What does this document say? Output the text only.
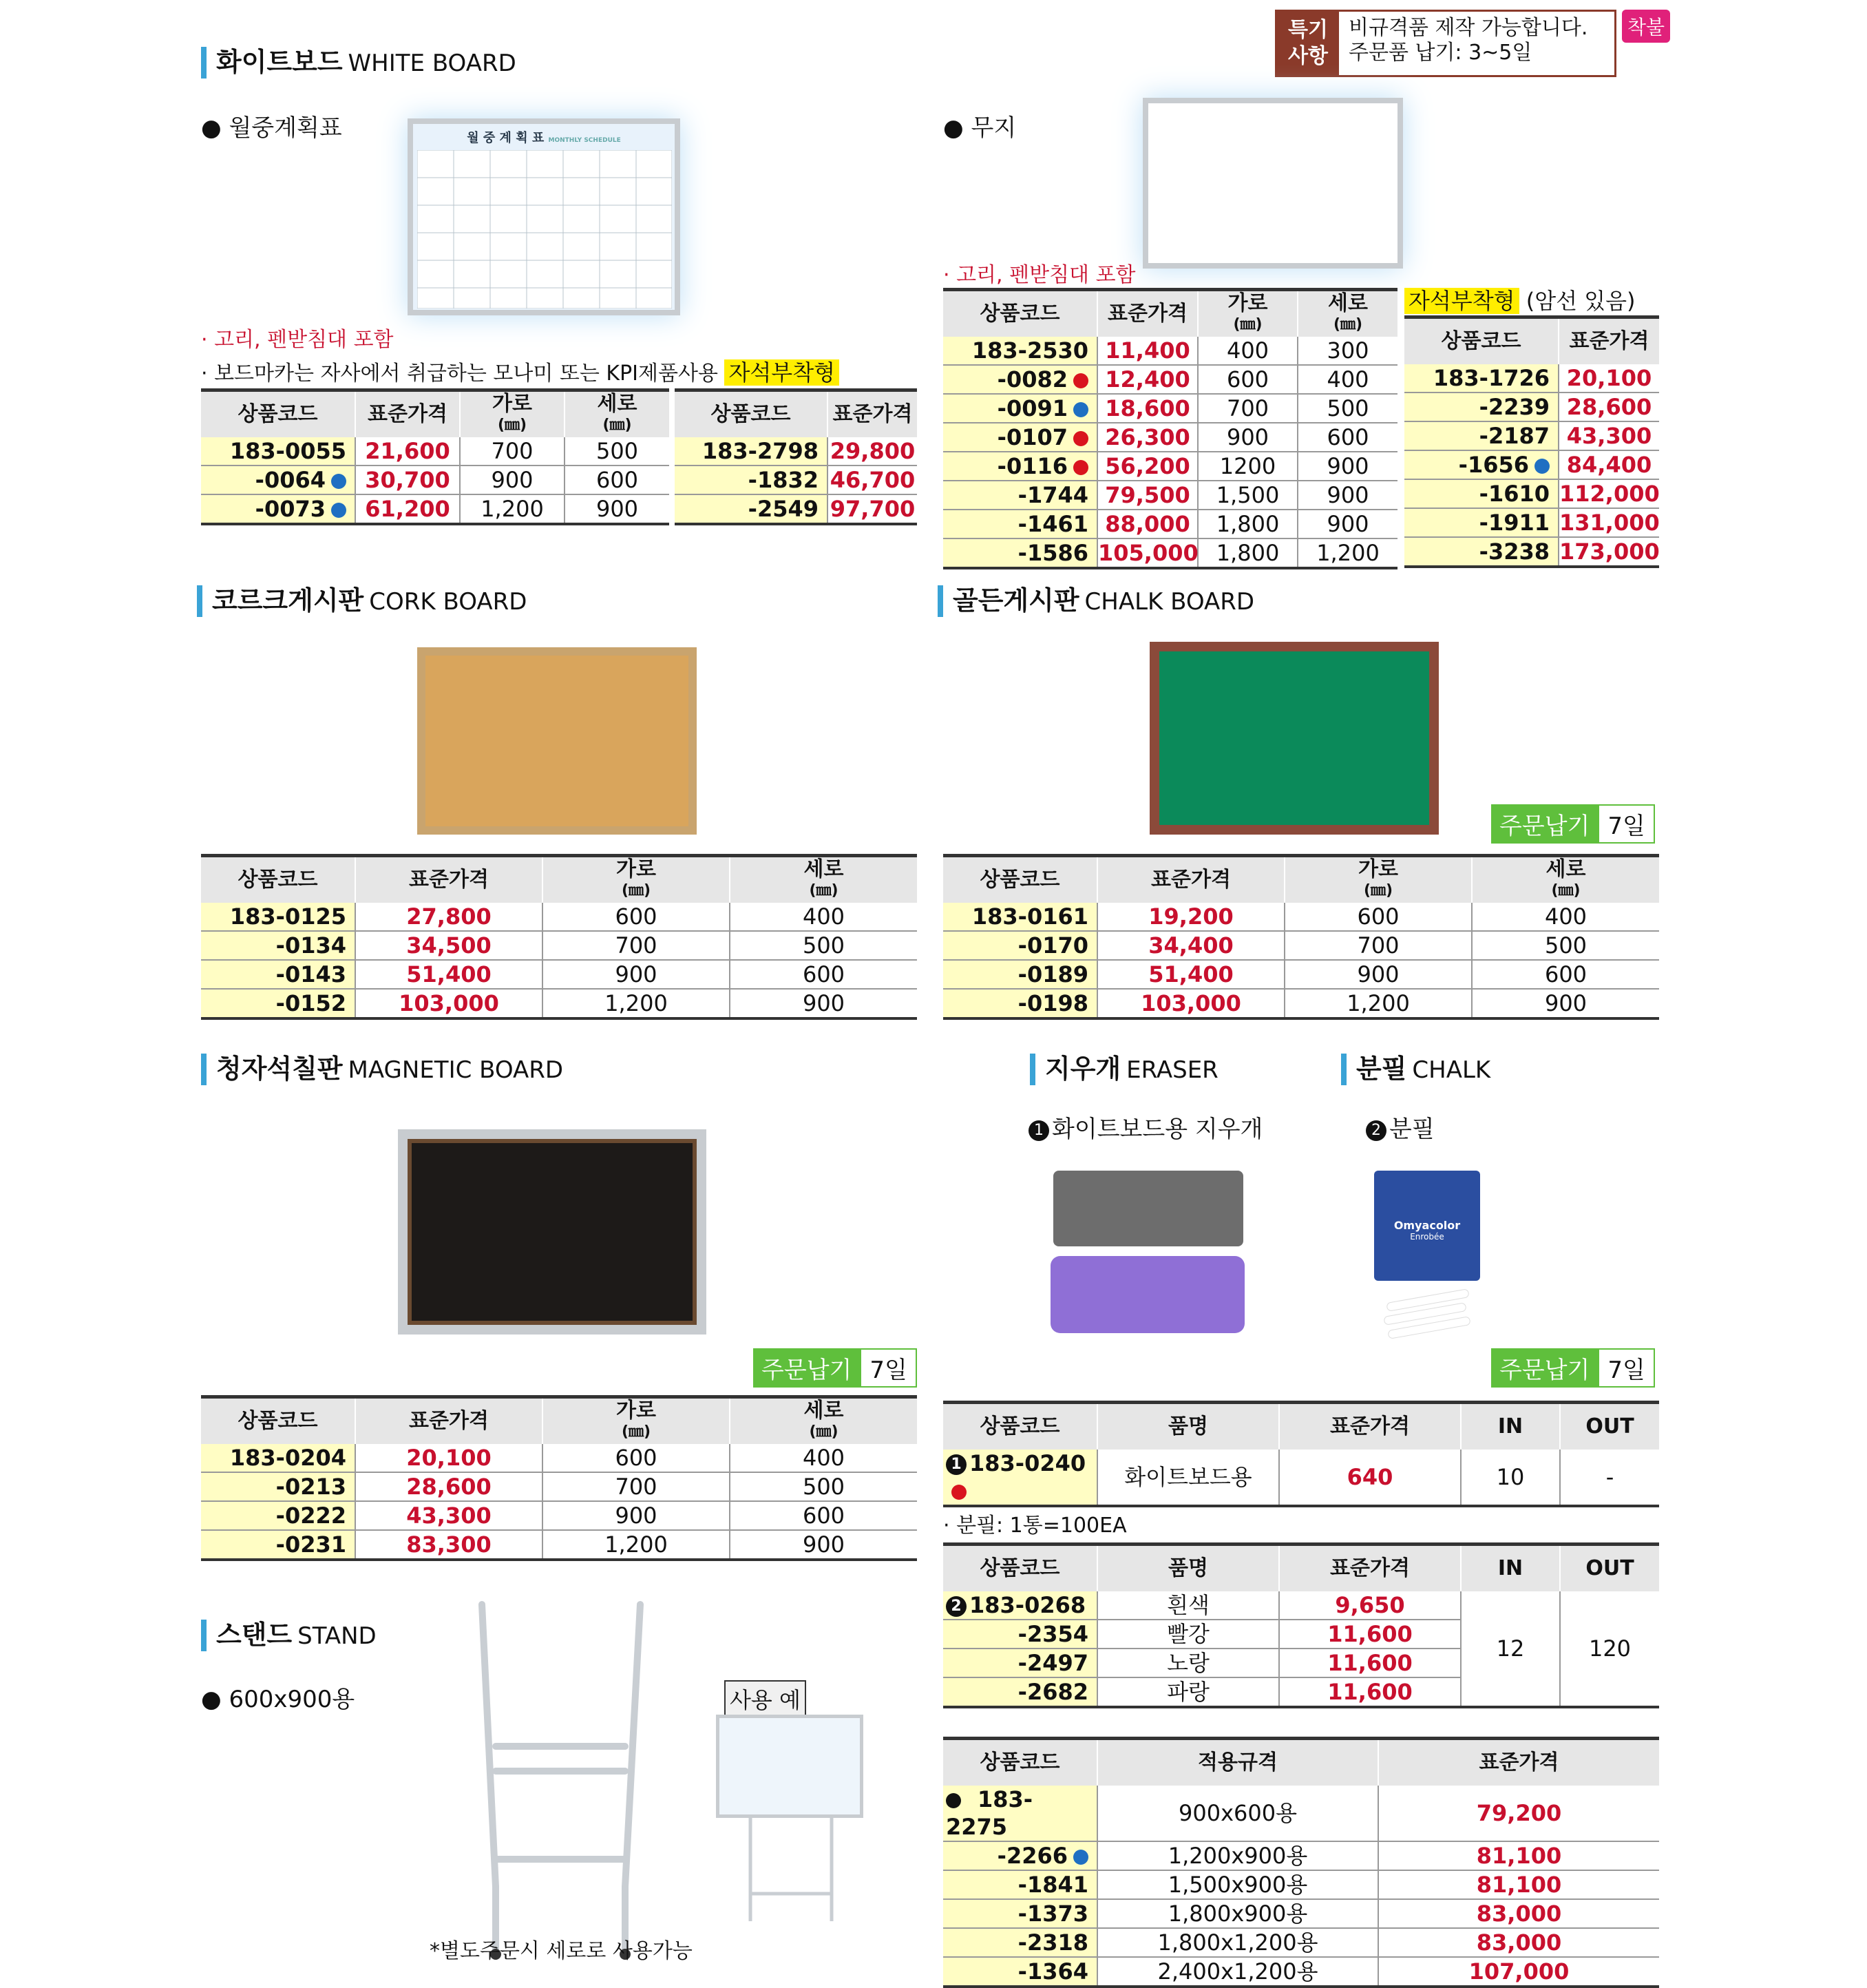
특기
사항
비규격품 제작 가능합니다.
주문품 납기: 3~5일
착불
화이트보드 WHITE BOARD
● 월중계획표	월 중 계 획 표 MONTHLY SCHEDULE
· 고리, 펜받침대 포함
· 보드마카는 자사에서 취급하는 모나미 또는 KPI제품사용 자석부착형
상품코드	표준가격	가로
(㎜)	세로
(㎜)
183-0055	21,600	700	500
-0064	30,700	900	600
-0073	61,200	1,200	900
상품코드	표준가격
183-2798	29,800
-1832	46,700
-2549	97,700
● 무지
· 고리, 펜받침대 포함
상품코드	표준가격	가로
(㎜)	세로
(㎜)
183-2530	11,400	400	300
-0082	12,400	600	400
-0091	18,600	700	500
-0107	26,300	900	600
-0116	56,200	1200	900
-1744	79,500	1,500	900
-1461	88,000	1,800	900
-1586	105,000	1,800	1,200
자석부착형 (암선 있음)
상품코드	표준가격
183-1726	20,100
-2239	28,600
-2187	43,300
-1656	84,400
-1610	112,000
-1911	131,000
-3238	173,000
코르크게시판 CORK BOARD
상품코드	표준가격	가로
(㎜)	세로
(㎜)
183-0125	27,800	600	400
-0134	34,500	700	500
-0143	51,400	900	600
-0152	103,000	1,200	900
골든게시판 CHALK BOARD
주문납기 7일
상품코드	표준가격	가로
(㎜)	세로
(㎜)
183-0161	19,200	600	400
-0170	34,400	700	500
-0189	51,400	900	600
-0198	103,000	1,200	900
청자석칠판 MAGNETIC BOARD
주문납기 7일
상품코드	표준가격	가로
(㎜)	세로
(㎜)
183-0204	20,100	600	400
-0213	28,600	700	500
-0222	43,300	900	600
-0231	83,300	1,200	900
지우개 ERASER	분필 CHALK
1 화이트보드용 지우개	2 분필
Omyacolor
Enrobée
주문납기 7일
상품코드	품명	표준가격	IN	OUT
1 183-0240	화이트보드용	640	10	-
· 분필: 1통=100EA
상품코드	품명	표준가격	IN	OUT
2 183-0268	흰색	9,650	12	120
-2354	빨강	11,600		
-2497	노랑	11,600		
-2682	파랑	11,600		
스탠드 STAND
● 600x900용	사용 예
*별도주문시 세로로 사용가능
상품코드	적용규격	표준가격
183-2275	900x600용	79,200
-2266	1,200x900용	81,100
-1841	1,500x900용	81,100
-1373	1,800x900용	83,000
-2318	1,800x1,200용	83,000
-1364	2,400x1,200용	107,000
